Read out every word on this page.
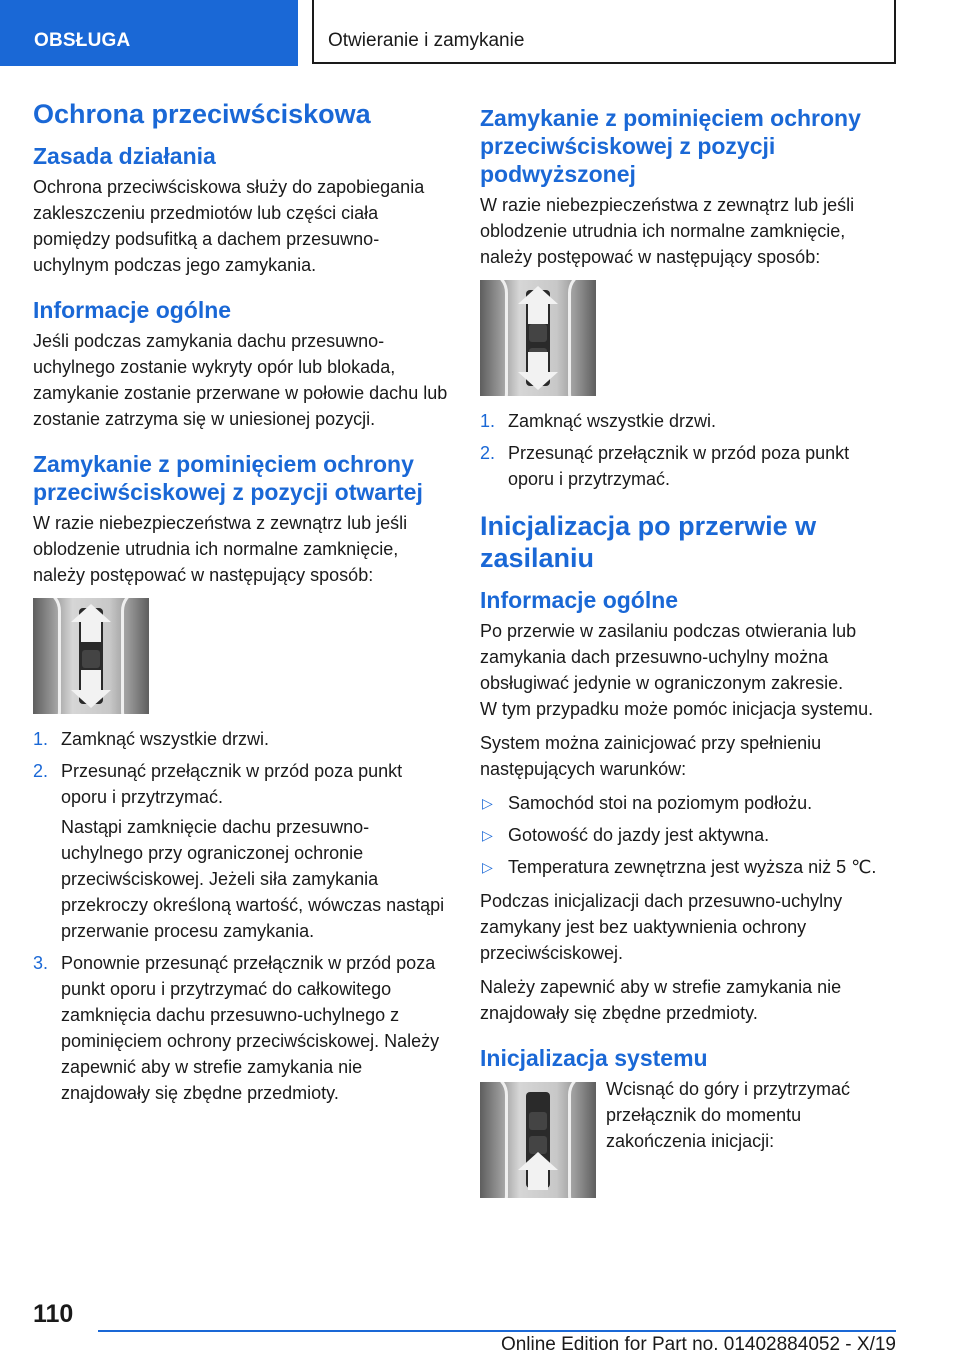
OBSŁUGA	Otwieranie i zamykanie
Ochrona przeciwściskowa
Zasada działania

Ochrona przeciwściskowa służy do zapobiegania zakleszczeniu przedmiotów lub części ciała pomiędzy podsufitką a dachem przesuwno-uchylnym podczas jego zamykania.

Informacje ogólne

Jeśli podczas zamykania dachu przesuwno-uchylnego zostanie wykryty opór lub blokada, zamykanie zostanie przerwane w połowie dachu lub zostanie zatrzyma się w uniesionej pozycji.

Zamykanie z pominięciem ochrony przeciwściskowej z pozycji otwartej

W razie niebezpieczeństwa z zewnątrz lub jeśli oblodzenie utrudnia ich normalne zamknięcie, należy postępować w następujący sposób:

1. Zamknąć wszystkie drzwi.
2. Przesunąć przełącznik w przód poza punkt oporu i przytrzymać.

Nastąpi zamknięcie dachu przesuwno-uchylnego przy ograniczonej ochronie przeciwściskowej. Jeżeli siła zamykania przekroczy określoną wartość, wówczas nastąpi przerwanie procesu zamykania.

3. Ponownie przesunąć przełącznik w przód poza punkt oporu i przytrzymać do całkowitego zamknięcia dachu przesuwno-uchylnego z pominięciem ochrony przeciwściskowej. Należy zapewnić aby w strefie zamykania nie znajdowały się zbędne przedmioty.
Zamykanie z pominięciem ochrony przeciwściskowej z pozycji podwyższonej

W razie niebezpieczeństwa z zewnątrz lub jeśli oblodzenie utrudnia ich normalne zamknięcie, należy postępować w następujący sposób:

1. Zamknąć wszystkie drzwi.
2. Przesunąć przełącznik w przód poza punkt oporu i przytrzymać.
Inicjalizacja po przerwie w zasilaniu
Informacje ogólne

Po przerwie w zasilaniu podczas otwierania lub zamykania dach przesuwno-uchylny można obsługiwać jedynie w ograniczonym zakresie.

W tym przypadku może pomóc inicjacja systemu.

System można zainicjować przy spełnieniu następujących warunków:

▷ Samochód stoi na poziomym podłożu.
▷ Gotowość do jazdy jest aktywna.
▷ Temperatura zewnętrzna jest wyższa niż 5 ℃.

Podczas inicjalizacji dach przesuwno-uchylny zamykany jest bez uaktywnienia ochrony przeciwściskowej.

Należy zapewnić aby w strefie zamykania nie znajdowały się zbędne przedmioty.

Inicjalizacja systemu

Wcisnąć do góry i przytrzymać przełącznik do momentu zakończenia inicjacji:

110
Online Edition for Part no. 01402884052 - X/19
